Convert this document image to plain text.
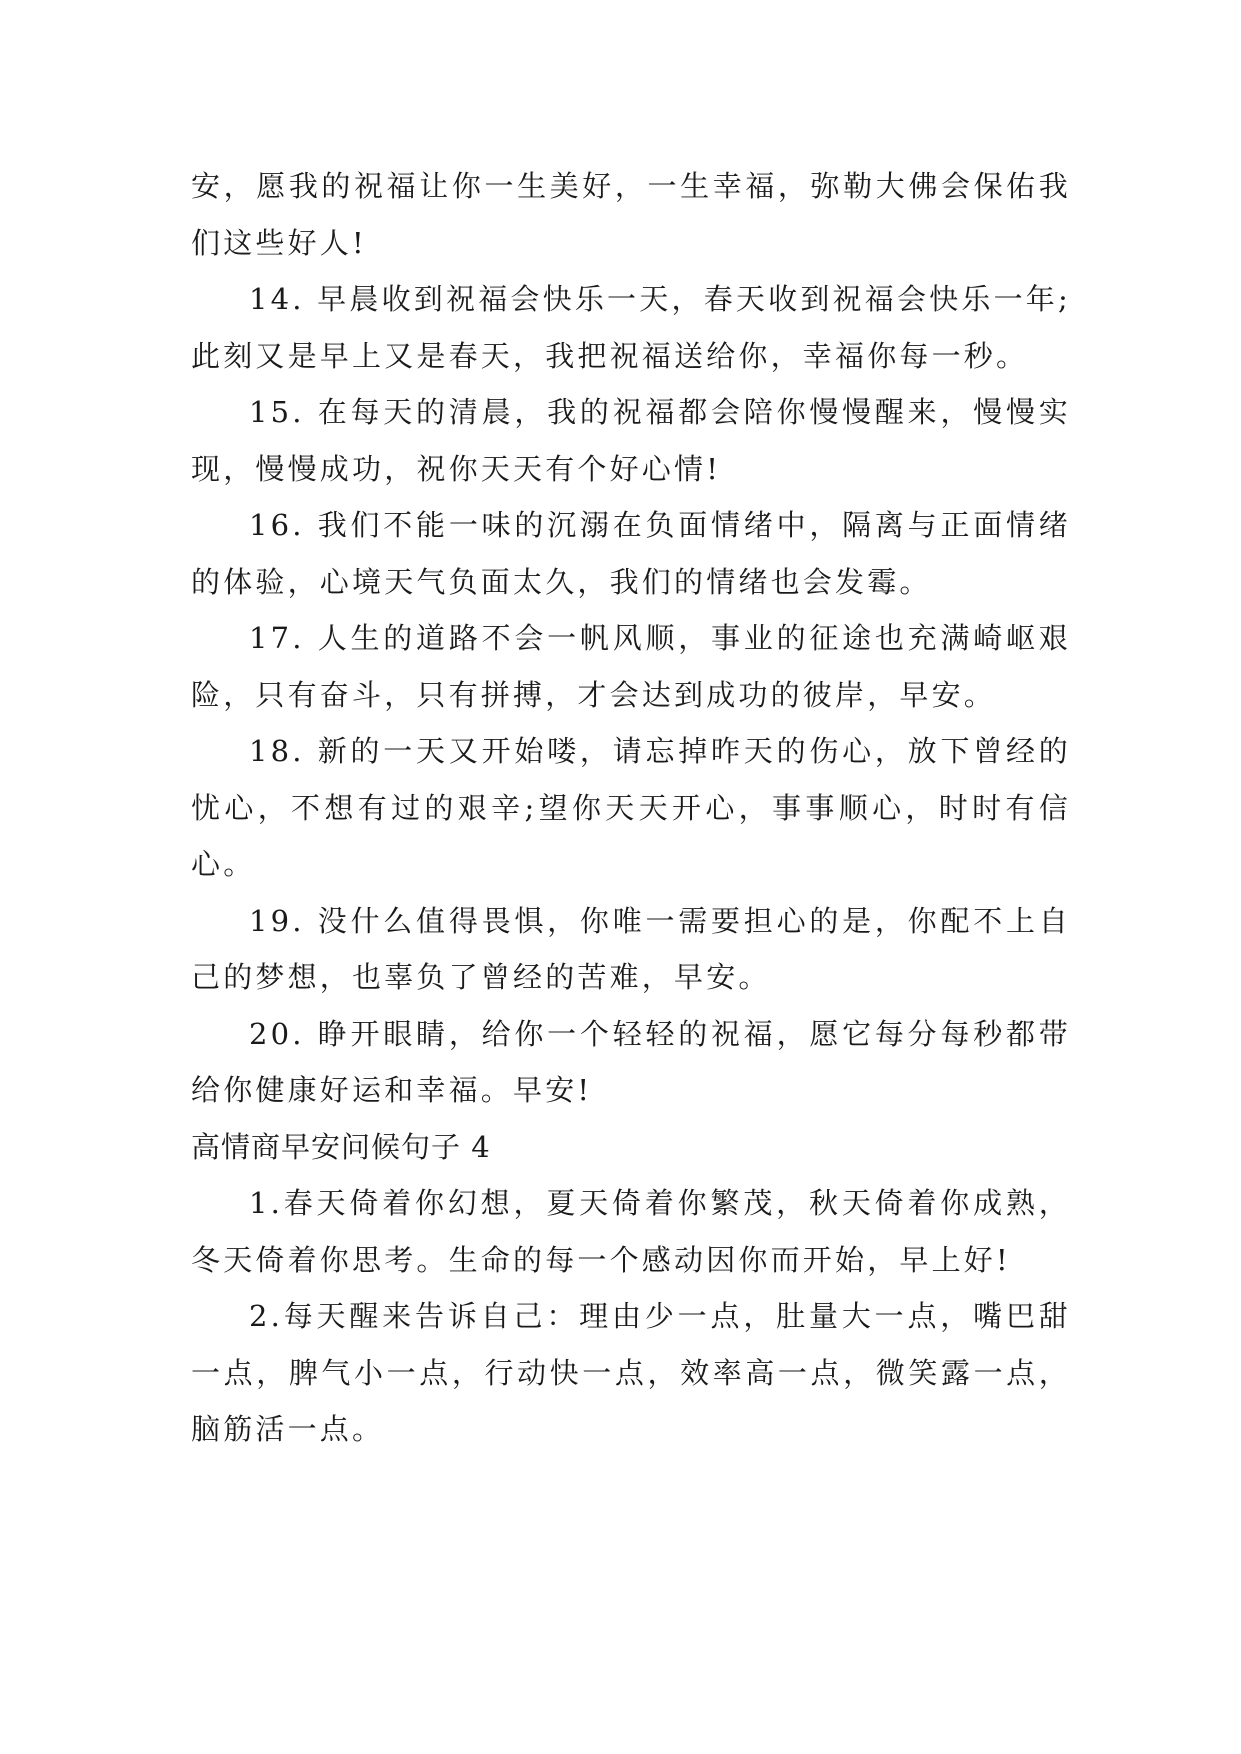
安，愿我的祝福让你一生美好，一生幸福，弥勒大佛会保佑我们这些好人!

14. 早晨收到祝福会快乐一天，春天收到祝福会快乐一年;此刻又是早上又是春天，我把祝福送给你，幸福你每一秒。

15. 在每天的清晨，我的祝福都会陪你慢慢醒来，慢慢实现，慢慢成功，祝你天天有个好心情!

16. 我们不能一味的沉溺在负面情绪中，隔离与正面情绪的体验，心境天气负面太久，我们的情绪也会发霉。

17. 人生的道路不会一帆风顺，事业的征途也充满崎岖艰险，只有奋斗，只有拼搏，才会达到成功的彼岸，早安。

18. 新的一天又开始喽，请忘掉昨天的伤心，放下曾经的忧心，不想有过的艰辛;望你天天开心，事事顺心，时时有信心。

19. 没什么值得畏惧，你唯一需要担心的是，你配不上自己的梦想，也辜负了曾经的苦难，早安。

20. 睁开眼睛，给你一个轻轻的祝福，愿它每分每秒都带给你健康好运和幸福。早安!

高情商早安问候句子 4

1.春天倚着你幻想，夏天倚着你繁茂，秋天倚着你成熟，冬天倚着你思考。生命的每一个感动因你而开始，早上好!

2.每天醒来告诉自己：理由少一点，肚量大一点，嘴巴甜一点，脾气小一点，行动快一点，效率高一点，微笑露一点，脑筋活一点。
